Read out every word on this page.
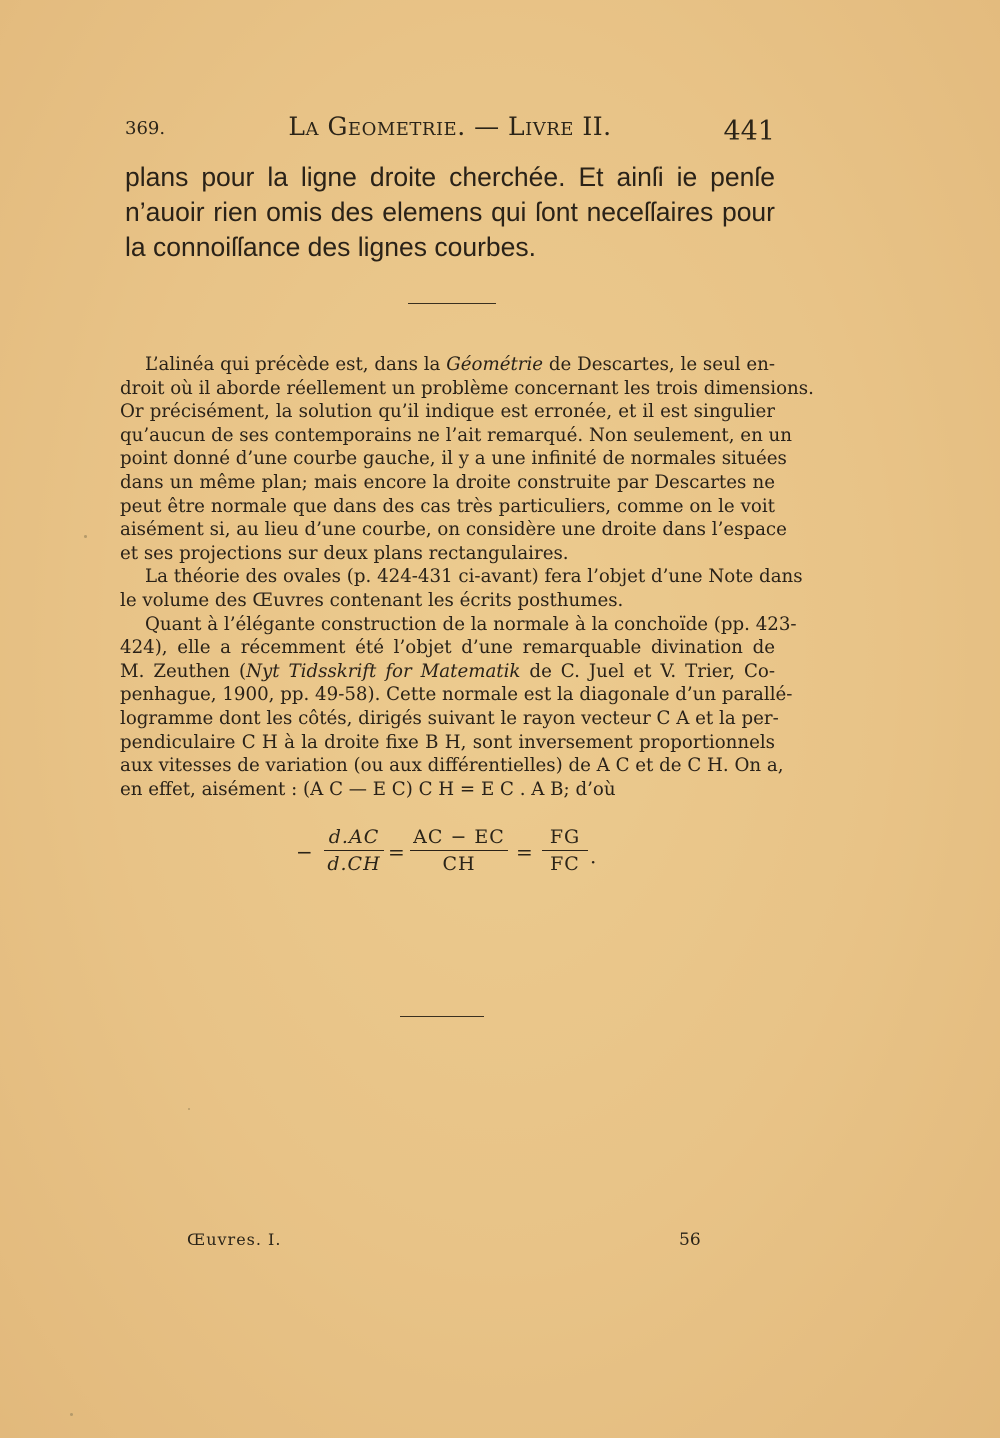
369.	La Geometrie. — Livre II.	441
plans pour la ligne droite cherchée. Et ainſi ie penſe
n’auoir rien omis des elemens qui ſont neceſſaires pour
la connoiſſance des lignes courbes.

L’alinéa qui précède est, dans la Géométrie de Descartes, le seul en-
droit où il aborde réellement un problème concernant les trois dimensions.
Or précisément, la solution qu’il indique est erronée, et il est singulier
qu’aucun de ses contemporains ne l’ait remarqué. Non seulement, en un
point donné d’une courbe gauche, il y a une infinité de normales situées
dans un même plan; mais encore la droite construite par Descartes ne
peut être normale que dans des cas très particuliers, comme on le voit
aisément si, au lieu d’une courbe, on considère une droite dans l’espace
et ses projections sur deux plans rectangulaires.

La théorie des ovales (p. 424-431 ci-avant) fera l’objet d’une Note dans
le volume des Œuvres contenant les écrits posthumes.

Quant à l’élégante construction de la normale à la conchoïde (pp. 423-
424), elle a récemment été l’objet d’une remarquable divination de
M. Zeuthen (Nyt Tidsskrift for Matematik de C. Juel et V. Trier, Co-
penhague, 1900, pp. 49-58). Cette normale est la diagonale d’un parallé-
logramme dont les côtés, dirigés suivant le rayon vecteur C A et la per-
pendiculaire C H à la droite fixe B H, sont inversement proportionnels
aux vitesses de variation (ou aux différentielles) de A C et de C H. On a,
en effet, aisément : (A C — E C) C H = E C . A B; d’où

− $\frac{d.AC}{d.CH} = \frac{AC - EC}{CH} = \frac{FG}{FC}$ ·
Œuvres. I.	56
